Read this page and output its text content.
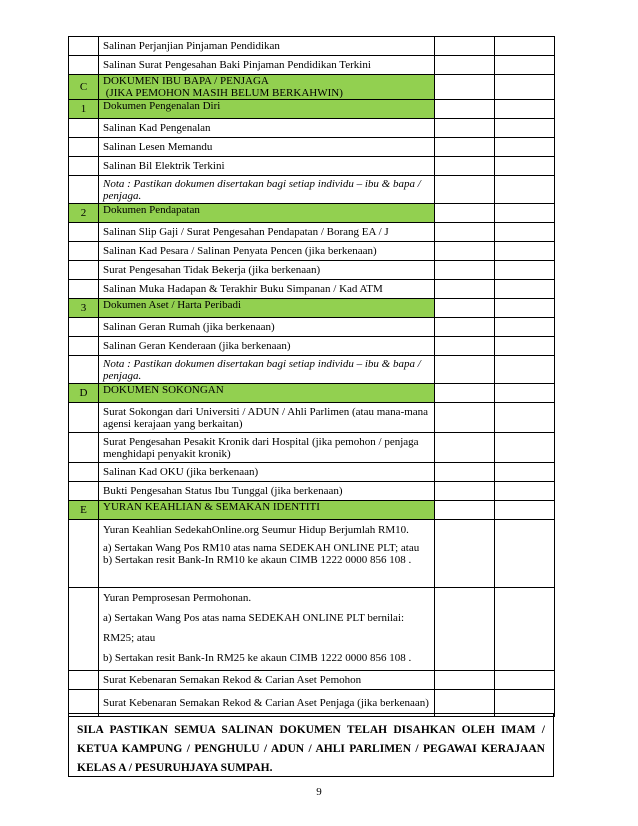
	Salinan Perjanjian Pinjaman Pendidikan		
	Salinan Surat Pengesahan Baki Pinjaman Pendidikan Terkini		
C	DOKUMEN IBU BAPA / PENJAGA
(JIKA PEMOHON MASIH BELUM BERKAHWIN)		

1	Dokumen Pengenalan Diri		
	Salinan Kad Pengenalan		
	Salinan Lesen Memandu		
	Salinan Bil Elektrik Terkini		
	Nota : Pastikan dokumen disertakan bagi setiap individu – ibu & bapa / penjaga.		
2	Dokumen Pendapatan		
	Salinan Slip Gaji / Surat Pengesahan Pendapatan / Borang EA / J		
	Salinan Kad Pesara / Salinan Penyata Pencen (jika berkenaan)		
	Surat Pengesahan Tidak Bekerja (jika berkenaan)		
	Salinan Muka Hadapan & Terakhir Buku Simpanan / Kad ATM		
3	Dokumen Aset / Harta Peribadi		
	Salinan Geran Rumah (jika berkenaan)		
	Salinan Geran Kenderaan (jika berkenaan)		
	Nota : Pastikan dokumen disertakan bagi setiap individu – ibu & bapa / penjaga.		
D	DOKUMEN SOKONGAN		
	Surat Sokongan dari Universiti / ADUN / Ahli Parlimen (atau mana-mana agensi kerajaan yang berkaitan)		
	Surat Pengesahan Pesakit Kronik dari Hospital (jika pemohon / penjaga menghidapi penyakit kronik)		
	Salinan Kad OKU (jika berkenaan)		
	Bukti Pengesahan Status Ibu Tunggal (jika berkenaan)		
E	YURAN KEAHLIAN & SEMAKAN IDENTITI		

	Yuran Keahlian SedekahOnline.org Seumur Hidup Berjumlah RM10.
a) Sertakan Wang Pos RM10 atas nama SEDEKAH ONLINE PLT; atau
b) Sertakan resit Bank-In RM10 ke akaun CIMB 1222 0000 856 108 .		

	Yuran Pemprosesan Permohonan.
a) Sertakan Wang Pos atas nama SEDEKAH ONLINE PLT bernilai:
RM25; atau
b) Sertakan resit Bank-In RM25 ke akaun CIMB 1222 0000 856 108 .		

	Surat Kebenaran Semakan Rekod & Carian Aset Pemohon		
	Surat Kebenaran Semakan Rekod & Carian Aset Penjaga (jika berkenaan)		
SILA PASTIKAN SEMUA SALINAN DOKUMEN TELAH DISAHKAN OLEH IMAM / KETUA KAMPUNG / PENGHULU / ADUN / AHLI PARLIMEN / PEGAWAI KERAJAAN KELAS A / PESURUHJAYA SUMPAH.
9
